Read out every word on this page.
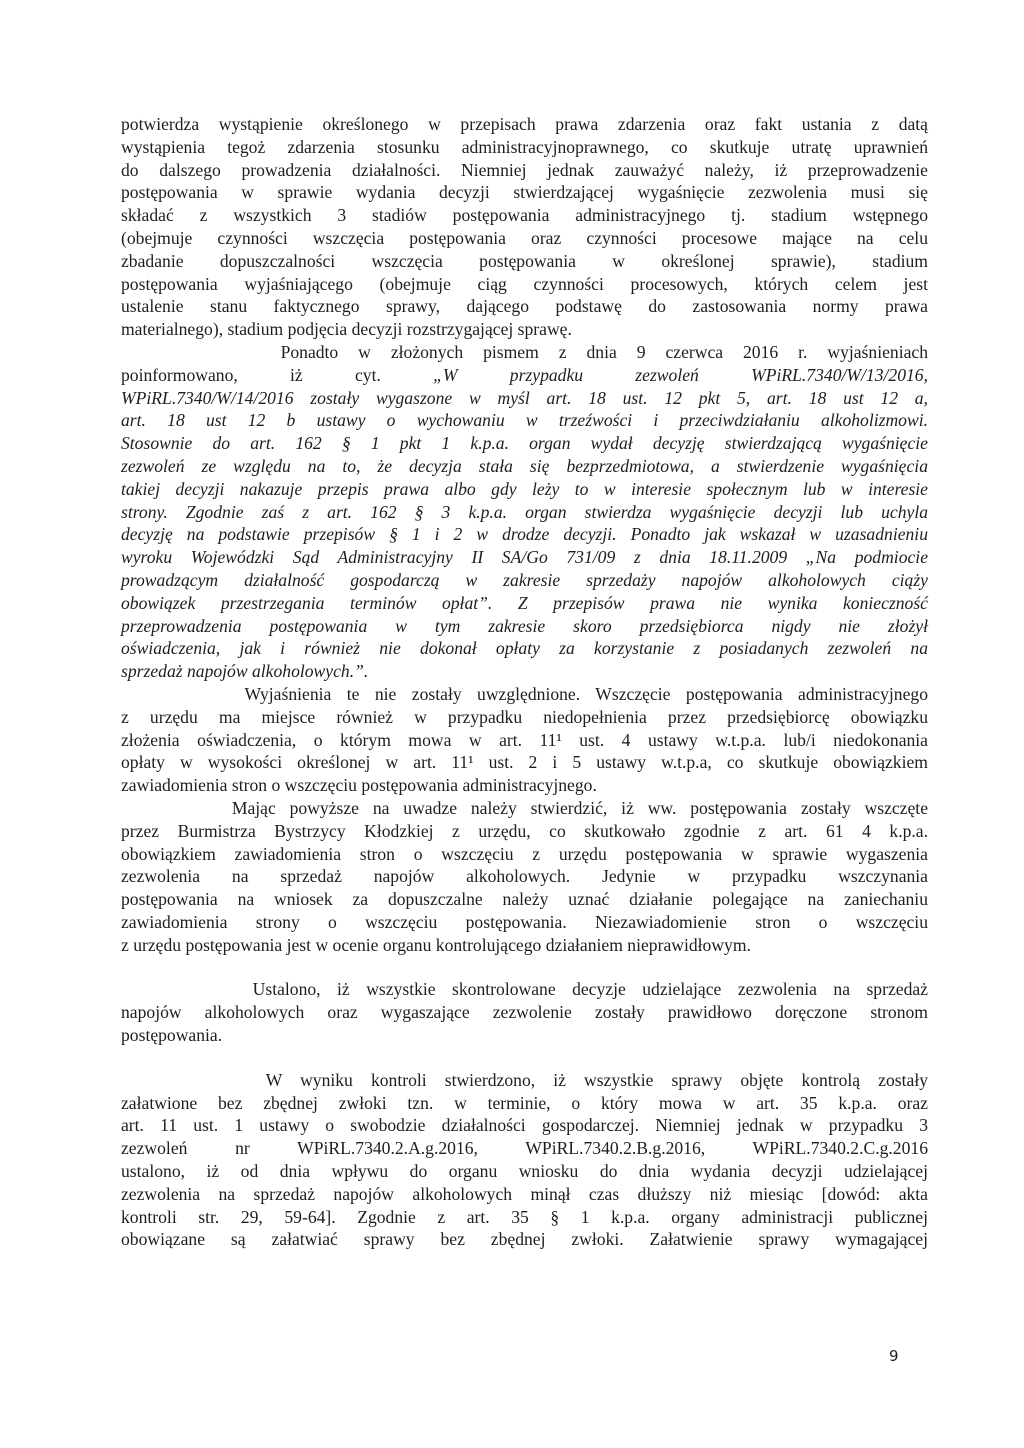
potwierdza wystąpienie określonego w przepisach prawa zdarzenia oraz fakt ustania z datą
wystąpienia tegoż zdarzenia stosunku administracyjnoprawnego, co skutkuje utratę uprawnień
do dalszego prowadzenia działalności. Niemniej jednak zauważyć należy, iż przeprowadzenie
postępowania w sprawie wydania decyzji stwierdzającej wygaśnięcie zezwolenia musi się
składać z wszystkich 3 stadiów postępowania administracyjnego tj. stadium wstępnego
(obejmuje czynności wszczęcia postępowania oraz czynności procesowe mające na celu
zbadanie dopuszczalności wszczęcia postępowania w określonej sprawie), stadium
postępowania wyjaśniającego (obejmuje ciąg czynności procesowych, których celem jest
ustalenie stanu faktycznego sprawy, dającego podstawę do zastosowania normy prawa
materialnego), stadium podjęcia decyzji rozstrzygającej sprawę.
Ponadto w złożonych pismem z dnia 9 czerwca 2016 r. wyjaśnieniach
poinformowano, iż cyt. „W przypadku zezwoleń WPiRL.7340/W/13/2016,
WPiRL.7340/W/14/2016 zostały wygaszone w myśl art. 18 ust. 12 pkt 5, art. 18 ust 12 a,
art. 18 ust 12 b ustawy o wychowaniu w trzeźwości i przeciwdziałaniu alkoholizmowi.
Stosownie do art. 162 § 1 pkt 1 k.p.a. organ wydał decyzję stwierdzającą wygaśnięcie
zezwoleń ze względu na to, że decyzja stała się bezprzedmiotowa, a stwierdzenie wygaśnięcia
takiej decyzji nakazuje przepis prawa albo gdy leży to w interesie społecznym lub w interesie
strony. Zgodnie zaś z art. 162 § 3 k.p.a. organ stwierdza wygaśnięcie decyzji lub uchyla
decyzję na podstawie przepisów § 1 i 2 w drodze decyzji. Ponadto jak wskazał w uzasadnieniu
wyroku Wojewódzki Sąd Administracyjny II SA/Go 731/09 z dnia 18.11.2009 „Na podmiocie
prowadzącym działalność gospodarczą w zakresie sprzedaży napojów alkoholowych ciąży
obowiązek przestrzegania terminów opłat”. Z przepisów prawa nie wynika konieczność
przeprowadzenia postępowania w tym zakresie skoro przedsiębiorca nigdy nie złożył
oświadczenia, jak i również nie dokonał opłaty za korzystanie z posiadanych zezwoleń na
sprzedaż napojów alkoholowych.”.
Wyjaśnienia te nie zostały uwzględnione. Wszczęcie postępowania administracyjnego
z urzędu ma miejsce również w przypadku niedopełnienia przez przedsiębiorcę obowiązku
złożenia oświadczenia, o którym mowa w art. 11¹ ust. 4 ustawy w.t.p.a. lub/i niedokonania
opłaty w wysokości określonej w art. 11¹ ust. 2 i 5 ustawy w.t.p.a, co skutkuje obowiązkiem
zawiadomienia stron o wszczęciu postępowania administracyjnego.
Mając powyższe na uwadze należy stwierdzić, iż ww. postępowania zostały wszczęte
przez Burmistrza Bystrzycy Kłodzkiej z urzędu, co skutkowało zgodnie z art. 61 4 k.p.a.
obowiązkiem zawiadomienia stron o wszczęciu z urzędu postępowania w sprawie wygaszenia
zezwolenia na sprzedaż napojów alkoholowych. Jedynie w przypadku wszczynania
postępowania na wniosek za dopuszczalne należy uznać działanie polegające na zaniechaniu
zawiadomienia strony o wszczęciu postępowania. Niezawiadomienie stron o wszczęciu
z urzędu postępowania jest w ocenie organu kontrolującego działaniem nieprawidłowym.
Ustalono, iż wszystkie skontrolowane decyzje udzielające zezwolenia na sprzedaż
napojów alkoholowych oraz wygaszające zezwolenie zostały prawidłowo doręczone stronom
postępowania.
W wyniku kontroli stwierdzono, iż wszystkie sprawy objęte kontrolą zostały
załatwione bez zbędnej zwłoki tzn. w terminie, o który mowa w art. 35 k.p.a. oraz
art. 11 ust. 1 ustawy o swobodzie działalności gospodarczej. Niemniej jednak w przypadku 3
zezwoleń nr WPiRL.7340.2.A.g.2016, WPiRL.7340.2.B.g.2016, WPiRL.7340.2.C.g.2016
ustalono, iż od dnia wpływu do organu wniosku do dnia wydania decyzji udzielającej
zezwolenia na sprzedaż napojów alkoholowych minął czas dłuższy niż miesiąc [dowód: akta
kontroli str. 29, 59-64]. Zgodnie z art. 35 § 1 k.p.a. organy administracji publicznej
obowiązane są załatwiać sprawy bez zbędnej zwłoki. Załatwienie sprawy wymagającej
9
